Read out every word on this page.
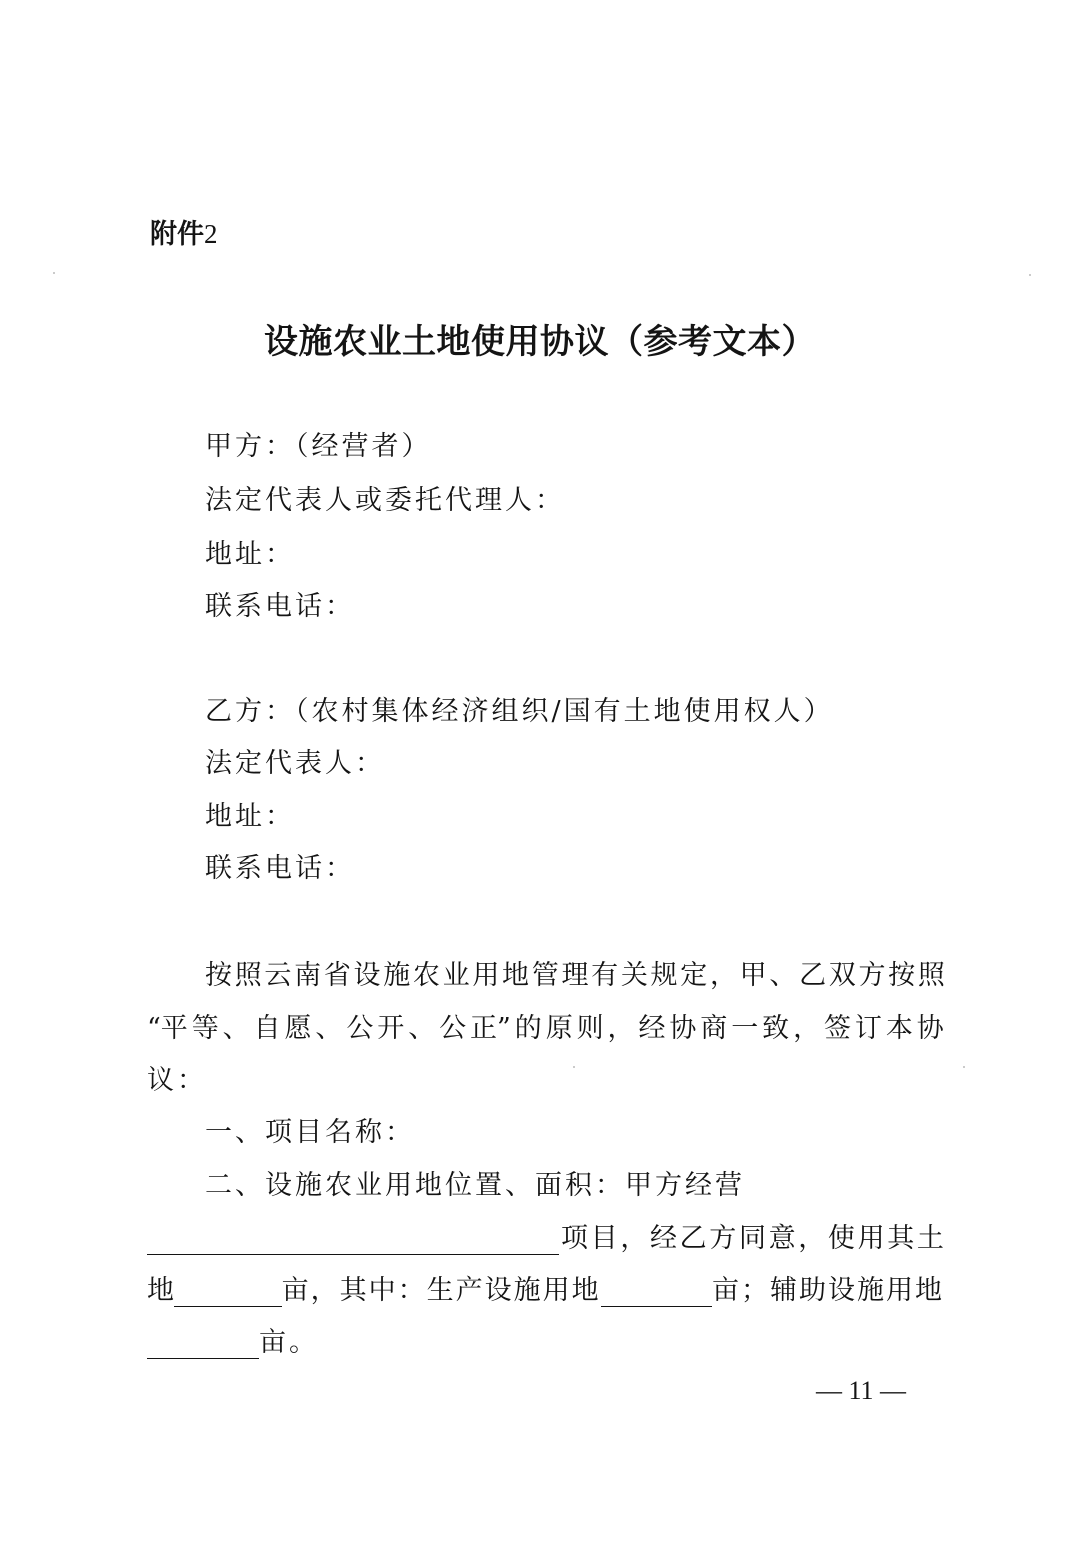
附件2
设施农业土地使用协议（参考文本）
甲方：（经营者）
法定代表人或委托代理人：
地址：
联系电话：
乙方：（农村集体经济组织/国有土地使用权人）
法定代表人：
地址：
联系电话：
按 照 云 南 省 设 施 农 业 用 地 管 理 有 关 规 定 ， 甲 、 乙 双 方 按 照
“平 等 、 自 愿 、 公 开 、 公 正” 的 原 则 ， 经 协 商 一 致 ， 签 订 本 协
议：
一、项目名称：
二、设施农业用地位置、面积：甲方经营
项 目 ， 经 乙 方 同 意 ， 使 用 其 土
地	亩，其中：生产设施用地	亩；辅助设施用地
亩。
— 11 —
